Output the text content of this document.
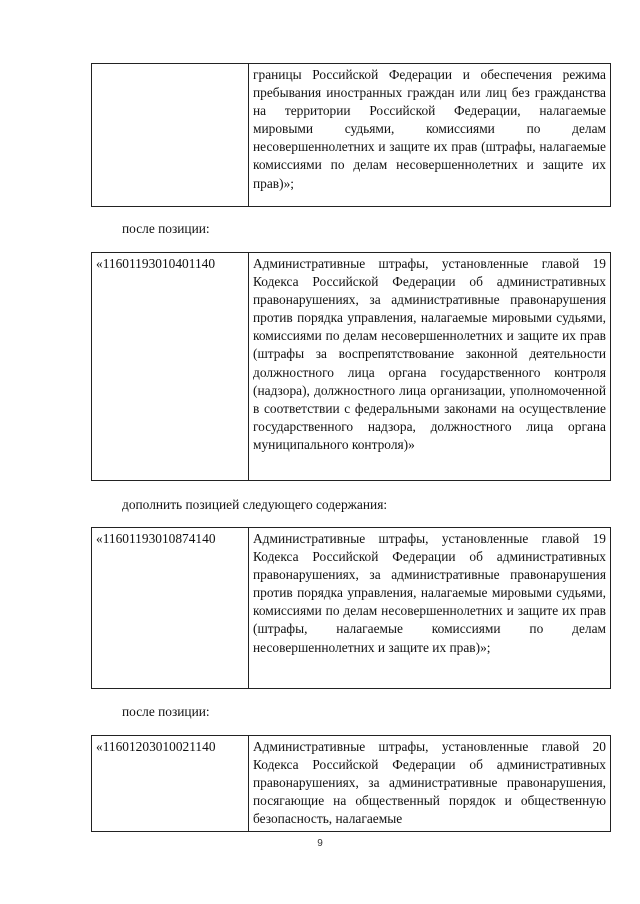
	границы Российской Федерации и обеспечения режима пребывания иностранных граждан или лиц без гражданства на территории Российской Федерации, налагаемые мировыми судьями, комиссиями по делам несовершеннолетних и защите их прав (штрафы, налагаемые комиссиями по делам несовершеннолетних и защите их прав)»;
после позиции:
«11601193010401140	Административные штрафы, установленные главой 19 Кодекса Российской Федерации об административных правонарушениях, за административные правонарушения против порядка управления, налагаемые мировыми судьями, комиссиями по делам несовершеннолетних и защите их прав (штрафы за воспрепятствование законной деятельности должностного лица органа государственного контроля (надзора), должностного лица организации, уполномоченной в соответствии с федеральными законами на осуществление государственного надзора, должностного лица органа муниципального контроля)»
дополнить позицией следующего содержания:
«11601193010874140	Административные штрафы, установленные главой 19 Кодекса Российской Федерации об административных правонарушениях, за административные правонарушения против порядка управления, налагаемые мировыми судьями, комиссиями по делам несовершеннолетних и защите их прав (штрафы, налагаемые комиссиями по делам несовершеннолетних и защите их прав)»;
после позиции:
«11601203010021140	Административные штрафы, установленные главой 20 Кодекса Российской Федерации об административных правонарушениях, за административные правонарушения, посягающие на общественный порядок и общественную безопасность, налагаемые
9
